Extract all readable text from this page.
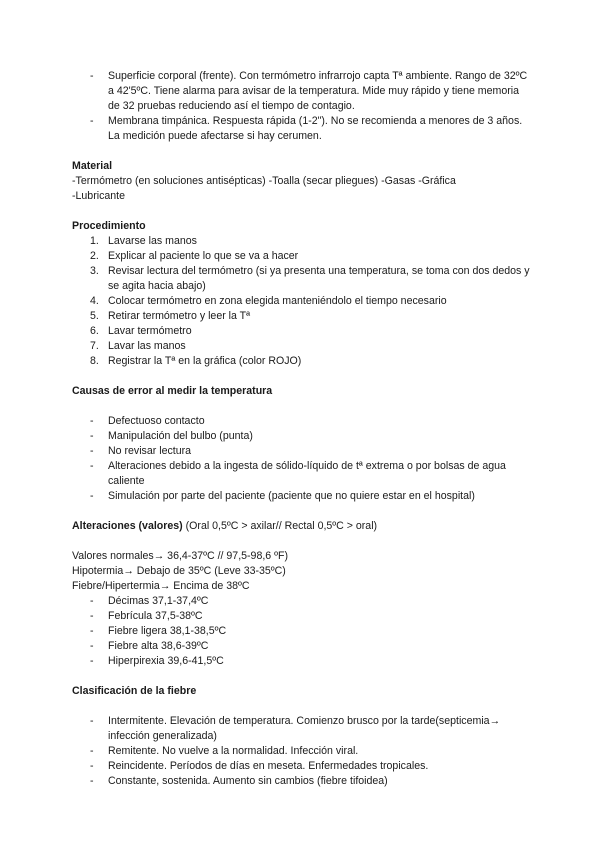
- Superficie corporal (frente). Con termómetro infrarrojo capta Tª ambiente. Rango de 32ºC a 42'5ºC. Tiene alarma para avisar de la temperatura. Mide muy rápido y tiene memoria de 32 pruebas reduciendo así el tiempo de contagio.
- Membrana timpánica. Respuesta rápida (1-2"). No se recomienda a menores de 3 años. La medición puede afectarse si hay cerumen.
Material
-Termómetro (en soluciones antisépticas) -Toalla (secar pliegues) -Gasas -Gráfica
-Lubricante
Procedimiento
1. Lavarse las manos
2. Explicar al paciente lo que se va a hacer
3. Revisar lectura del termómetro (si ya presenta una temperatura, se toma con dos dedos y se agita hacia abajo)
4. Colocar termómetro en zona elegida manteniéndolo el tiempo necesario
5. Retirar termómetro y leer la Tª
6. Lavar termómetro
7. Lavar las manos
8. Registrar la Tª en la gráfica (color ROJO)
Causas de error al medir la temperatura
- Defectuoso contacto
- Manipulación del bulbo (punta)
- No revisar lectura
- Alteraciones debido a la ingesta de sólido-líquido de tª extrema o por bolsas de agua caliente
- Simulación por parte del paciente (paciente que no quiere estar en el hospital)
Alteraciones (valores) (Oral 0,5ºC > axilar// Rectal 0,5ºC > oral)
Valores normales→ 36,4-37ºC // 97,5-98,6 ºF)
Hipotermia→ Debajo de 35ºC (Leve 33-35ºC)
Fiebre/Hipertermia→ Encima de 38ºC
- Décimas 37,1-37,4ºC
- Febrícula 37,5-38ºC
- Fiebre ligera 38,1-38,5ºC
- Fiebre alta 38,6-39ºC
- Hiperpirexia 39,6-41,5ºC
Clasificación de la fiebre
- Intermitente. Elevación de temperatura. Comienzo brusco por la tarde(septicemia→ infección generalizada)
- Remitente. No vuelve a la normalidad. Infección viral.
- Reincidente. Períodos de días en meseta. Enfermedades tropicales.
- Constante, sostenida. Aumento sin cambios (fiebre tifoidea)
